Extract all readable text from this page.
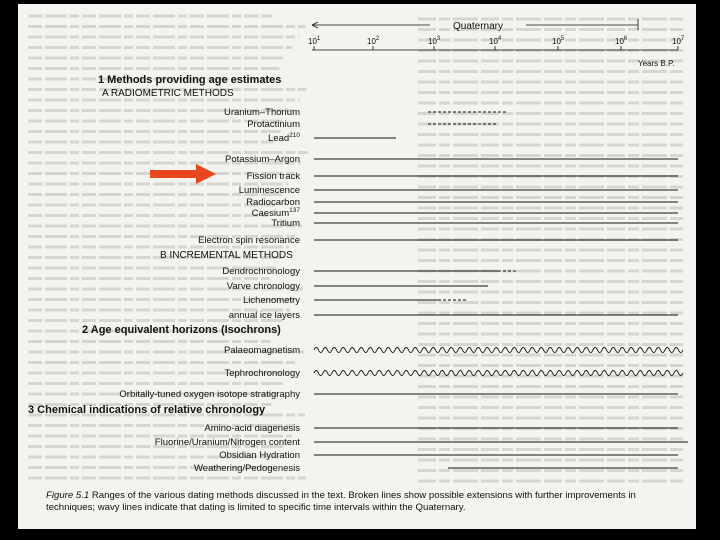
Quaternary
$10^1$	$10^2$	$10^3$	$10^4$	$10^5$	$10^6$	$10^7$
Years B.P.
1 Methods providing age estimates
A RADIOMETRIC METHODS
B INCREMENTAL METHODS
2 Age equivalent horizons (Isochrons)
3 Chemical indications of relative chronology
Uranium–Thorium
Protactinium
Lead$^{210}$
Potassium–Argon
Fission track
Luminescence
Radiocarbon
Caesium$^{137}$
Tritium
Electron spin resonance
Dendrochronology
Varve chronology
Lichenometry
annual ice layers
Palaeomagnetism
Tephrochronology
Orbitally-tuned oxygen isotope stratigraphy
Amino-acid diagenesis
Fluorine/Uranium/Nitrogen content
Obsidian Hydration
Weathering/Pedogenesis
Figure 5.1 Ranges of the various dating methods discussed in the text. Broken lines show possible extensions with further improvements in techniques; wavy lines indicate that dating is limited to specific time intervals within the Quaternary.
